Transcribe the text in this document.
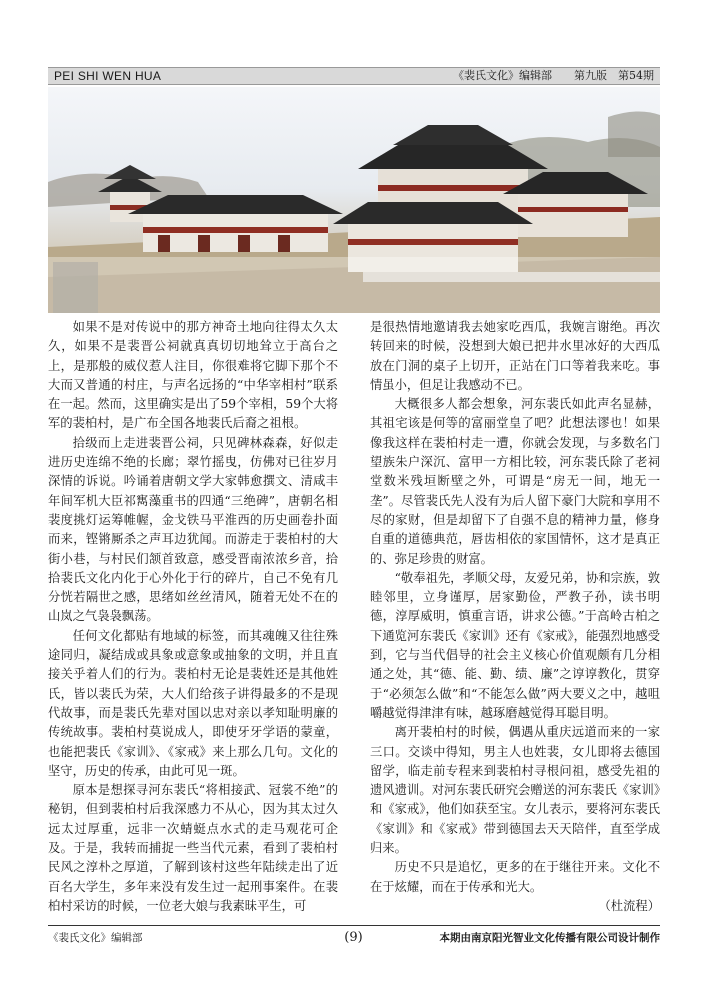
PEI SHI WEN HUA	《裴氏文化》编辑部　　第九版　第54期

如果不是对传说中的那方神奇土地向往得太久太久，如果不是裴晋公祠就真真切切地耸立于高台之上，是那般的威仪惹人注目，你很难将它脚下那个不大而又普通的村庄，与声名远扬的“中华宰相村”联系在一起。然而，这里确实是出了59个宰相，59个大将军的裴柏村，是广布全国各地裴氏后裔之祖根。

拾级而上走进裴晋公祠，只见碑林森森，好似走进历史连绵不绝的长廊；翠竹摇曳，仿佛对已往岁月深情的诉说。吟诵着唐朝文学大家韩愈撰文、清咸丰年间军机大臣祁寯藻重书的四通“三绝碑”，唐朝名相裴度挑灯运筹帷幄，金戈铁马平淮西的历史画卷扑面而来，铿锵厮杀之声耳边犹闻。而游走于裴柏村的大街小巷，与村民们颔首致意，感受晋南浓浓乡音，拾拾裴氏文化内化于心外化于行的碎片，自己不免有几分恍若隔世之感，思绪如丝丝清风，随着无处不在的山岚之气袅袅飘荡。

任何文化都贴有地域的标签，而其魂魄又往往殊途同归，凝结成或具象或意象或抽象的文明，并且直接关乎着人们的行为。裴柏村无论是裴姓还是其他姓氏，皆以裴氏为荣，大人们给孩子讲得最多的不是现代故事，而是裴氏先辈对国以忠对亲以孝知耻明廉的传统故事。裴柏村莫说成人，即使牙牙学语的蒙童，也能把裴氏《家训》、《家戒》来上那么几句。文化的坚守，历史的传承，由此可见一斑。

原本是想探寻河东裴氏“将相接武、冠裳不绝”的秘钥，但到裴柏村后我深感力不从心，因为其太过久远太过厚重，远非一次蜻蜓点水式的走马观花可企及。于是，我转而捕捉一些当代元素，看到了裴柏村民风之淳朴之厚道，了解到该村这些年陆续走出了近百名大学生，多年来没有发生过一起刑事案件。在裴柏村采访的时候，一位老大娘与我素昧平生，可

是很热情地邀请我去她家吃西瓜，我婉言谢绝。再次转回来的时候，没想到大娘已把井水里冰好的大西瓜放在门洞的桌子上切开，正站在门口等着我来吃。事情虽小，但足让我感动不已。

大概很多人都会想象，河东裴氏如此声名显赫，其祖宅该是何等的富丽堂皇了吧？此想法谬也！如果像我这样在裴柏村走一遭，你就会发现，与多数名门望族朱户深沉、富甲一方相比较，河东裴氏除了老祠堂数米残垣断壁之外，可谓是“房无一间，地无一垄”。尽管裴氏先人没有为后人留下豪门大院和享用不尽的家财，但是却留下了自强不息的精神力量，修身自重的道德典范，唇齿相依的家国情怀，这才是真正的、弥足珍贵的财富。

“敬奉祖先，孝顺父母，友爱兄弟，协和宗族，敦睦邻里，立身谨厚，居家勤俭，严教子孙，读书明德，淳厚威明，慎重言语，讲求公德。”于高岭古柏之下通览河东裴氏《家训》还有《家戒》，能强烈地感受到，它与当代倡导的社会主义核心价值观颇有几分相通之处，其“德、能、勤、绩、廉”之谆谆教化，贯穿于“必须怎么做”和“不能怎么做”两大要义之中，越咀嚼越觉得津津有味，越琢磨越觉得耳聪目明。

离开裴柏村的时候，偶遇从重庆远道而来的一家三口。交谈中得知，男主人也姓裴，女儿即将去德国留学，临走前专程来到裴柏村寻根问祖，感受先祖的遗风遗训。对河东裴氏研究会赠送的河东裴氏《家训》和《家戒》，他们如获至宝。女儿表示，要将河东裴氏《家训》和《家戒》带到德国去天天陪伴，直至学成归来。

历史不只是追忆，更多的在于继往开来。文化不在于炫耀，而在于传承和光大。

（杜流程）

《裴氏文化》编辑部	(9)	本期由南京阳光智业文化传播有限公司设计制作
